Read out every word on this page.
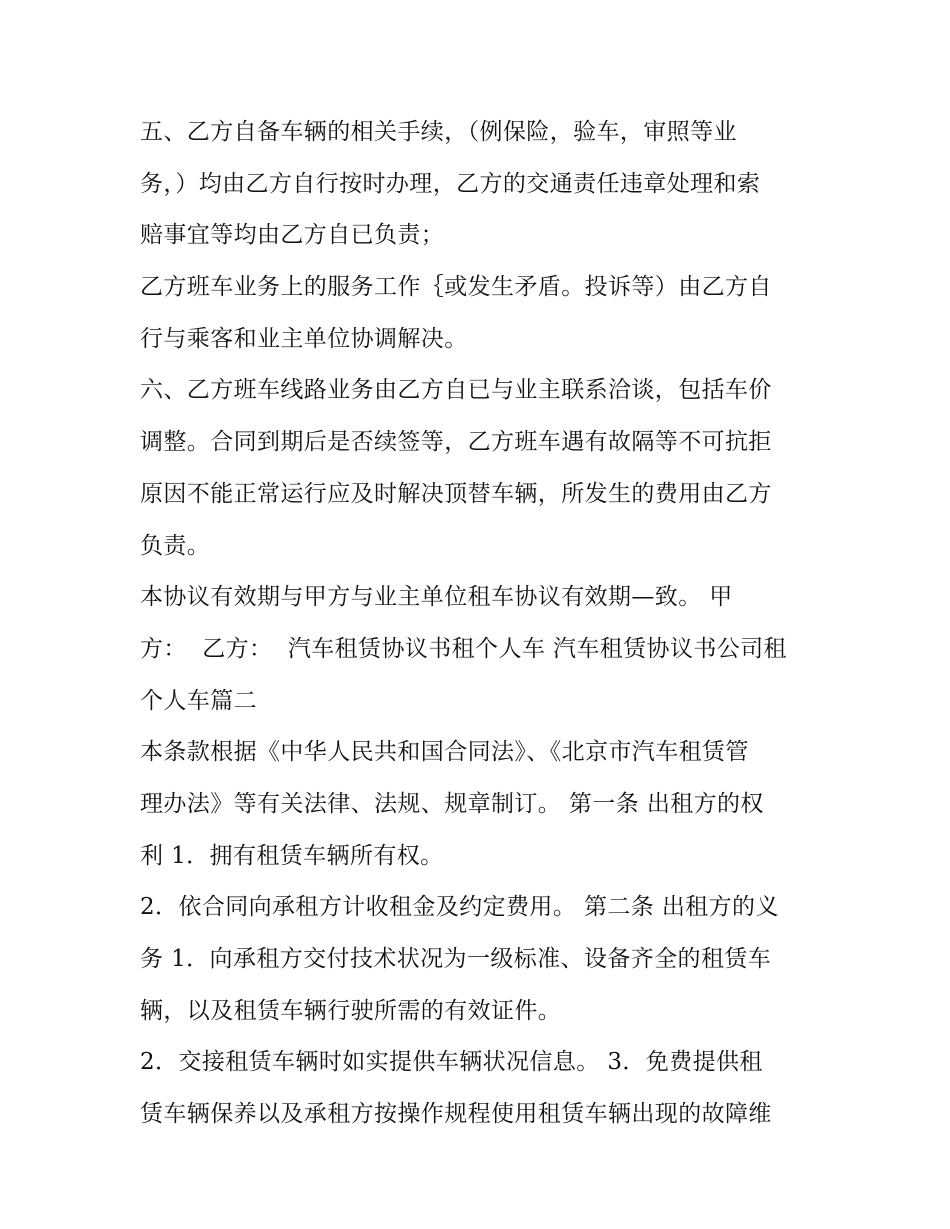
五、乙方自备车辆的相关手续，（例保险，验车，审照等业
务，）均由乙方自行按时办理，乙方的交通责任违章处理和索
赔事宜等均由乙方自已负责；
乙方班车业务上的服务工作｛或发生矛盾。投诉等）由乙方自
行与乘客和业主单位协调解决。
六、乙方班车线路业务由乙方自已与业主联系洽谈，包括车价
调整。合同到期后是否续签等，乙方班车遇有故隔等不可抗拒
原因不能正常运行应及时解决顶替车辆，所发生的费用由乙方
负责。
本协议有效期与甲方与业主单位租车协议有效期—致。 甲
方：  乙方：  汽车租赁协议书租个人车 汽车租赁协议书公司租
个人车篇二
本条款根据《中华人民共和国合同法》、《北京市汽车租赁管
理办法》等有关法律、法规、规章制订。 第一条 出租方的权
利 1．拥有租赁车辆所有权。
2．依合同向承租方计收租金及约定费用。 第二条 出租方的义
务 1．向承租方交付技术状况为一级标准、设备齐全的租赁车
辆，以及租赁车辆行驶所需的有效证件。
2．交接租赁车辆时如实提供车辆状况信息。 3．免费提供租
赁车辆保养以及承租方按操作规程使用租赁车辆出现的故障维
